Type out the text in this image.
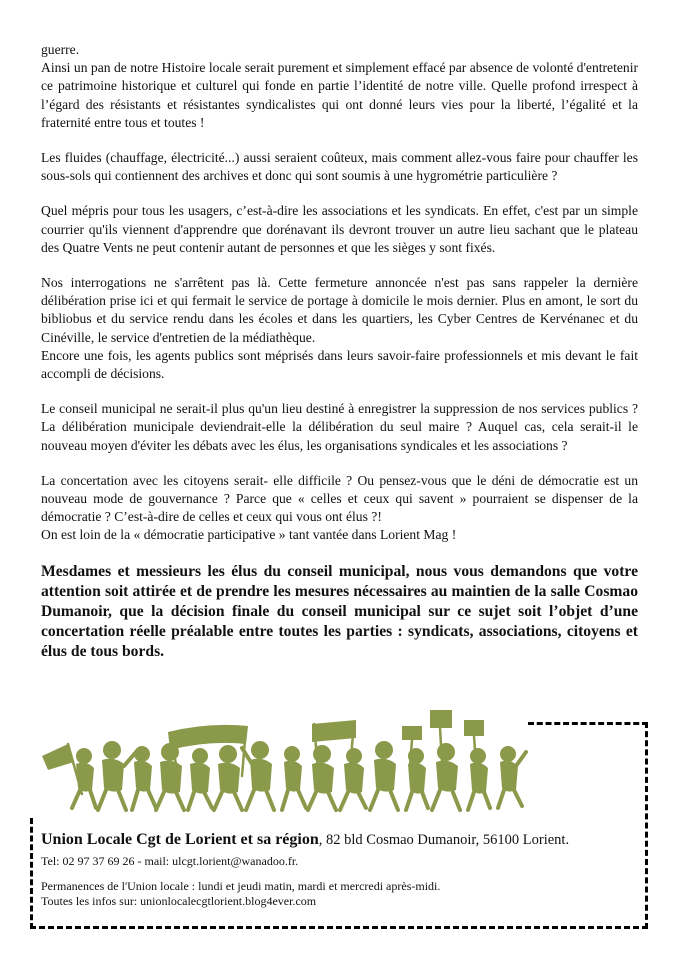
guerre.
Ainsi un pan de notre Histoire locale serait purement et simplement effacé par absence de volonté d'entretenir ce patrimoine historique et culturel qui fonde en partie l’identité de notre ville. Quelle profond irrespect à l’égard des résistants et résistantes syndicalistes qui ont donné leurs vies pour la liberté, l’égalité et la fraternité entre tous et toutes !

Les fluides (chauffage, électricité...) aussi seraient coûteux, mais comment allez-vous faire pour chauffer les sous-sols qui contiennent des archives et donc qui sont soumis à une hygrométrie particulière ?

Quel mépris pour tous les usagers, c’est-à-dire les associations et les syndicats. En effet, c'est par un simple courrier qu'ils viennent d'apprendre que dorénavant ils devront trouver un autre lieu sachant que le plateau des Quatre Vents ne peut contenir autant de personnes et que les sièges y sont fixés.

Nos interrogations ne s'arrêtent pas là. Cette fermeture annoncée n'est pas sans rappeler la dernière délibération prise ici et qui fermait le service de portage à domicile le mois dernier. Plus en amont, le sort du bibliobus et du service rendu dans les écoles et dans les quartiers, les Cyber Centres de Kervénanec et du Cinéville, le service d'entretien de la médiathèque.
Encore une fois, les agents publics sont méprisés dans leurs savoir-faire professionnels et mis devant le fait accompli de décisions.

Le conseil municipal ne serait-il plus qu'un lieu destiné à enregistrer la suppression de nos services publics ? La délibération municipale deviendrait-elle la délibération du seul maire ? Auquel cas, cela serait-il le nouveau moyen d'éviter les débats avec les élus, les organisations syndicales et les associations ?

La concertation avec les citoyens serait- elle difficile ? Ou pensez-vous que le déni de démocratie est un nouveau mode de gouvernance ? Parce que « celles et ceux qui savent » pourraient se dispenser de la démocratie ? C’est-à-dire de celles et ceux qui vous ont élus ?!
On est loin de la « démocratie participative » tant vantée dans Lorient Mag !

Mesdames et messieurs les élus du conseil municipal, nous vous demandons que votre attention soit attirée et de prendre les mesures nécessaires au maintien de la salle Cosmao Dumanoir, que la décision finale du conseil municipal sur ce sujet soit l’objet d’une concertation réelle préalable entre toutes les parties : syndicats, associations, citoyens et élus de tous bords.

Union Locale Cgt de Lorient et sa région, 82 bld Cosmao Dumanoir, 56100 Lorient.
Tel: 02 97 37 69 26 - mail: ulcgt.lorient@wanadoo.fr.
Permanences de l'Union locale : lundi et jeudi matin, mardi et mercredi après-midi.
Toutes les infos sur: unionlocalecgtlorient.blog4ever.com
